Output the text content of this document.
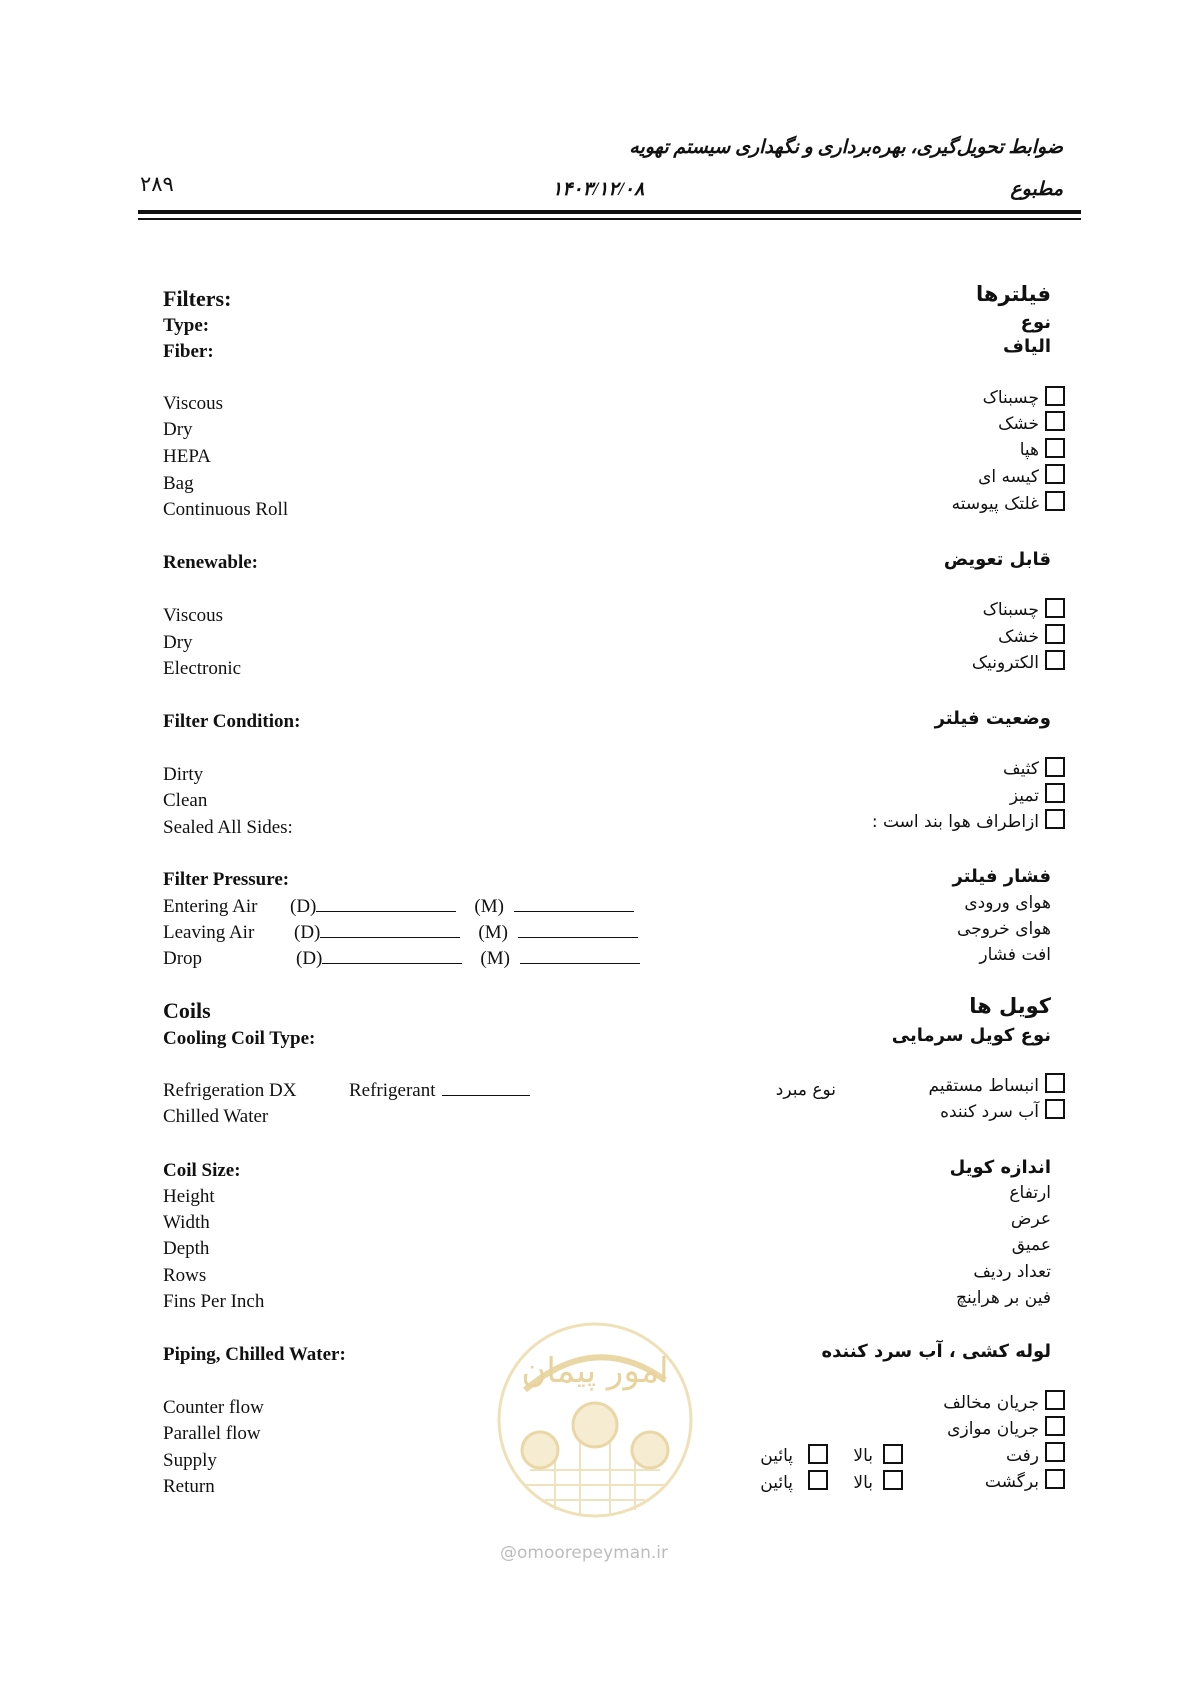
ضوابط تحویل‌گیری، بهره‌برداری و نگهداری سیستم تهویه
۲۸۹	۱۴۰۳/۱۲/۰۸	مطبوع
Filters:
Type:
Fiber:
Viscous
Dry
HEPA
Bag
Continuous Roll
Renewable:
Viscous
Dry
Electronic
Filter Condition:
Dirty
Clean
Sealed All Sides:
Filter Pressure:
Entering Air (D)	(M)
Leaving Air (D)	(M)
Drop	(D)	(M)
فیلترها
نوع
الیاف
چسبناک
خشک
هپا
کیسه ای
غلتک پیوسته
قابل تعویض
چسبناک
خشک
الکترونیک
وضعیت فیلتر
کثیف
تمیز
ازاطراف هوا بند است :
فشار فیلتر
هوای ورودی
هوای خروجی
افت فشار
Coils
Cooling Coil Type:
Refrigeration DX
Chilled Water
Refrigerant	نوع مبرد
Coil Size:
Height
Width
Depth
Rows
Fins Per Inch
Piping, Chilled Water:
Counter flow
Parallel flow
Supply
Return
کویل ها
نوع کویل سرمایی
انبساط مستقیم
آب سرد کننده
اندازه کویل
ارتفاع
عرض
عمیق
تعداد ردیف
فین بر هراینچ
لوله کشی ، آب سرد کننده
جریان مخالف
جریان موازی
رفت
برگشت
بالا
پائین
بالا
پائین
امور پیمان
@omoorepeyman.ir
